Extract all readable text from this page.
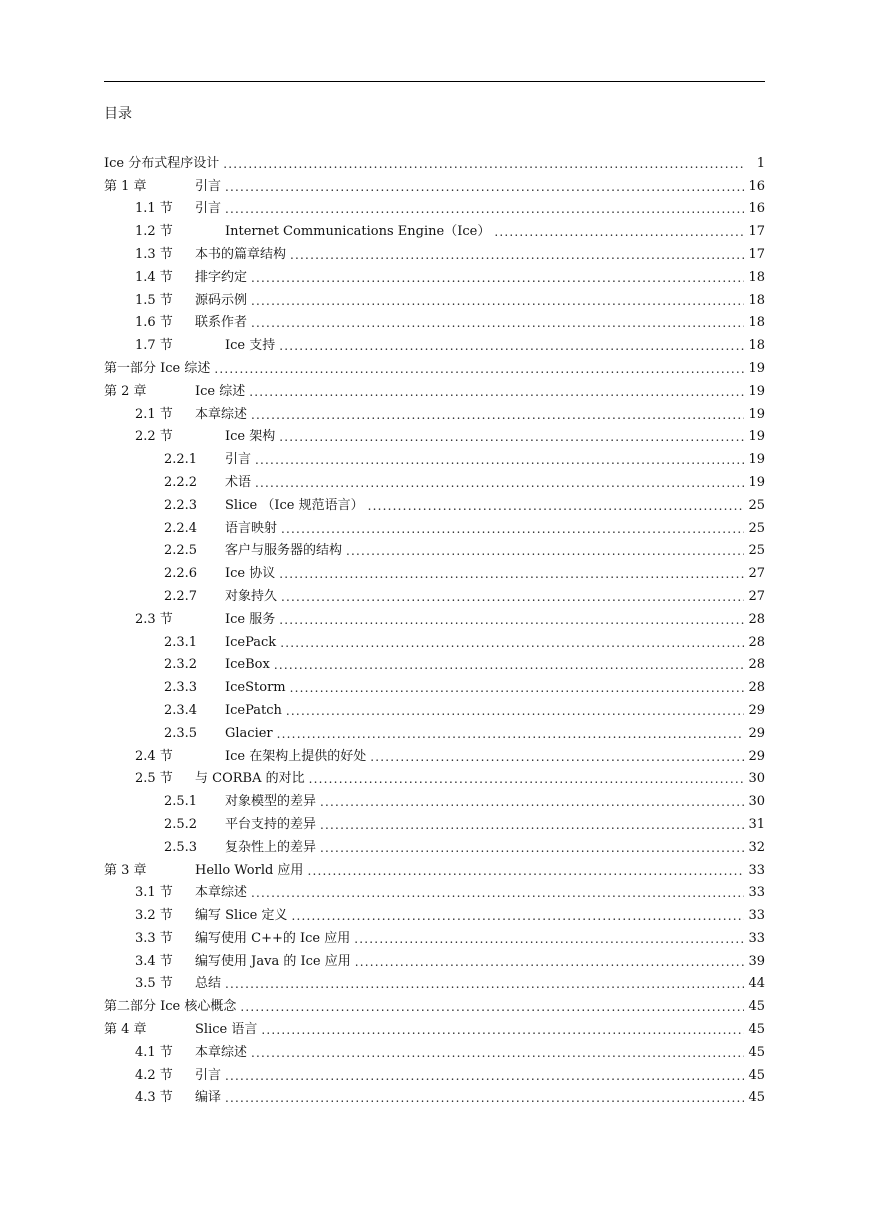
目录
Ice 分布式程序设计 .....	1
第 1 章	引言 .....	16
1.1 节	引言 .....	16
1.2 节	Internet Communications Engine（Ice） .....	17
1.3 节	本书的篇章结构 .....	17
1.4 节	排字约定 .....	18
1.5 节	源码示例 .....	18
1.6 节	联系作者 .....	18
1.7 节	Ice 支持 .....	18
第一部分 Ice 综述 .....	19
第 2 章	Ice 综述 .....	19
2.1 节	本章综述 .....	19
2.2 节	Ice 架构 .....	19
2.2.1	引言 .....	19
2.2.2	术语 .....	19
2.2.3	Slice （Ice 规范语言） .....	25
2.2.4	语言映射 .....	25
2.2.5	客户与服务器的结构 .....	25
2.2.6	Ice 协议 .....	27
2.2.7	对象持久 .....	27
2.3 节	Ice 服务 .....	28
2.3.1	IcePack .....	28
2.3.2	IceBox .....	28
2.3.3	IceStorm .....	28
2.3.4	IcePatch .....	29
2.3.5	Glacier .....	29
2.4 节	Ice 在架构上提供的好处 .....	29
2.5 节	与 CORBA 的对比 .....	30
2.5.1	对象模型的差异 .....	30
2.5.2	平台支持的差异 .....	31
2.5.3	复杂性上的差异 .....	32
第 3 章	Hello World 应用 .....	33
3.1 节	本章综述 .....	33
3.2 节	编写 Slice 定义 .....	33
3.3 节	编写使用 C++的 Ice 应用 .....	33
3.4 节	编写使用 Java 的 Ice 应用 .....	39
3.5 节	总结 .....	44
第二部分 Ice 核心概念 .....	45
第 4 章	Slice 语言 .....	45
4.1 节	本章综述 .....	45
4.2 节	引言 .....	45
4.3 节	编译 .....	45
